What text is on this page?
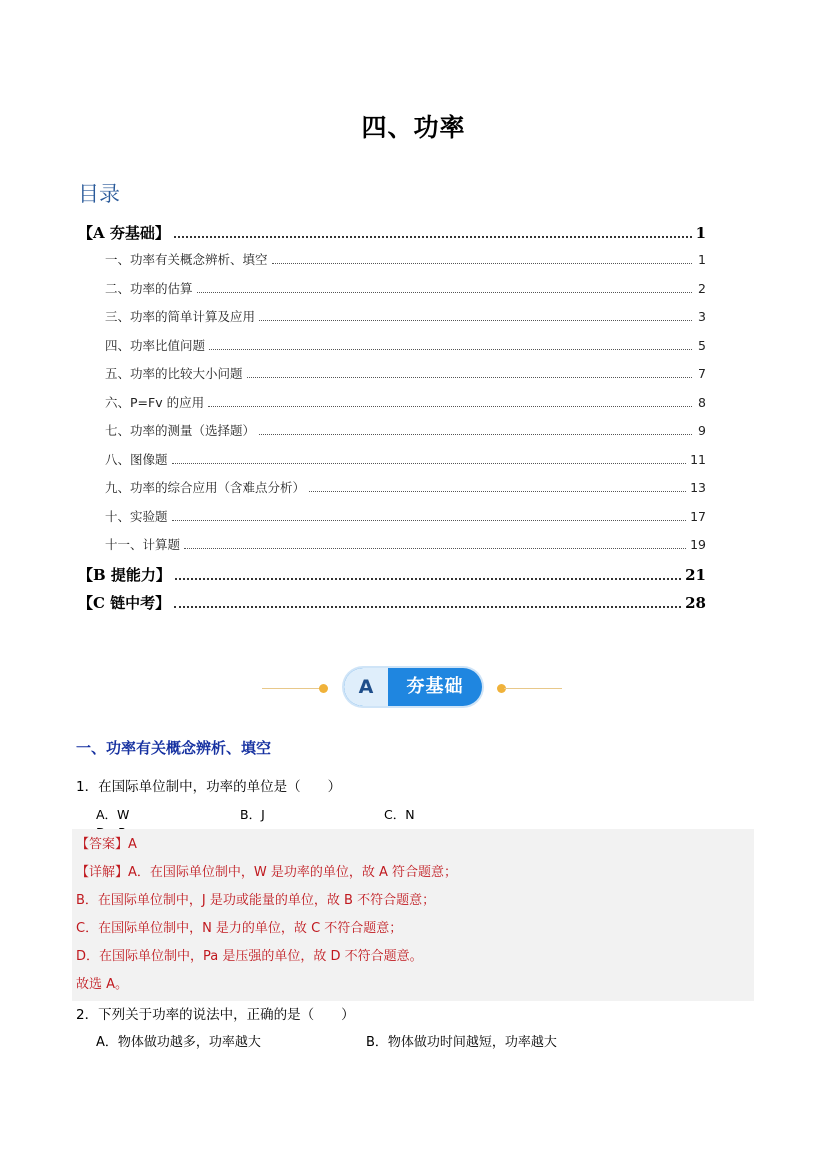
四、功率
目录
【A 夯基础】	1
一、功率有关概念辨析、填空	1
二、功率的估算	2
三、功率的简单计算及应用	3
四、功率比值问题	5
五、功率的比较大小问题	7
六、P=Fv 的应用	8
七、功率的测量（选择题）	9
八、图像题	11
九、功率的综合应用（含难点分析）	13
十、实验题	17
十一、计算题	19
【B 提能力】	21
【C 链中考】	28
A	夯基础
一、功率有关概念辨析、填空
1．在国际单位制中，功率的单位是（　　）
A．W	B．J	C．N
【答案】A
【详解】A．在国际单位制中，W 是功率的单位，故 A 符合题意；
B．在国际单位制中，J 是功或能量的单位，故 B 不符合题意；
C．在国际单位制中，N 是力的单位，故 C 不符合题意；
D．在国际单位制中，Pa 是压强的单位，故 D 不符合题意。
故选 A。
2．下列关于功率的说法中，正确的是（　　）
A．物体做功越多，功率越大	B．物体做功时间越短，功率越大
